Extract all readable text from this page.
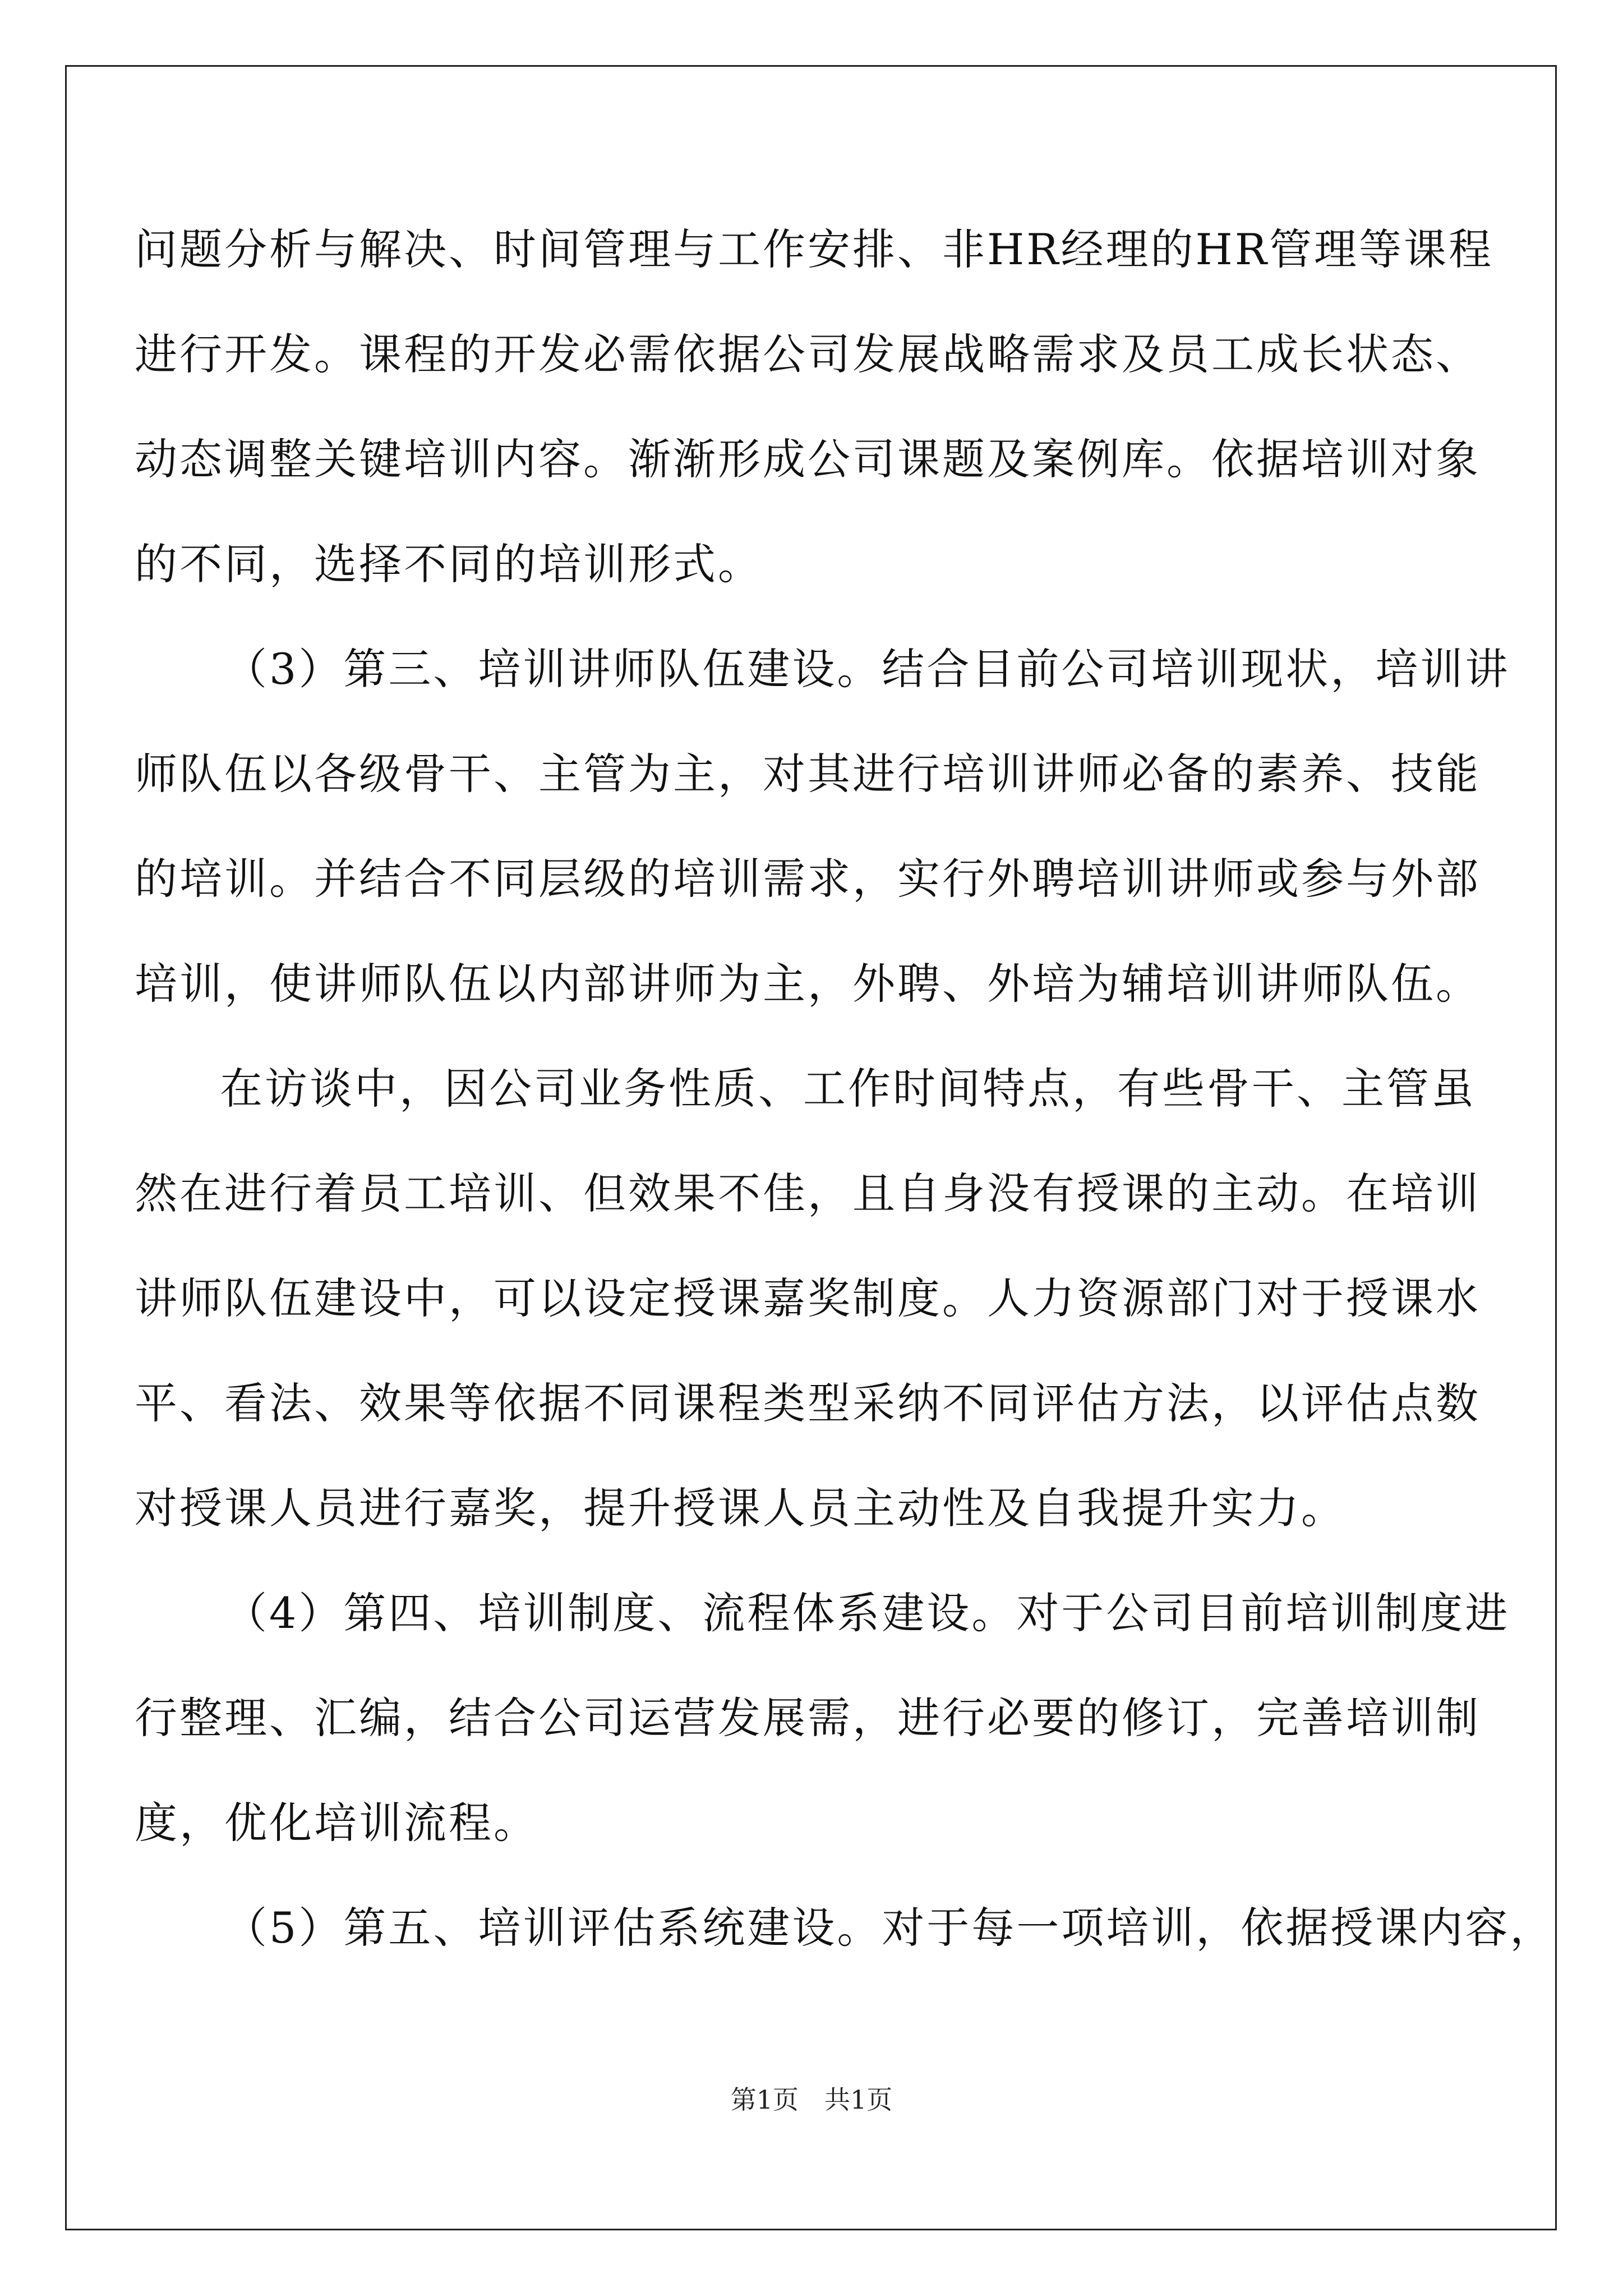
问题分析与解决、时间管理与工作安排、非HR经理的HR管理等课程
进行开发。课程的开发必需依据公司发展战略需求及员工成长状态、
动态调整关键培训内容。渐渐形成公司课题及案例库。依据培训对象
的不同，选择不同的培训形式。
（3）第三、培训讲师队伍建设。结合目前公司培训现状，培训讲
师队伍以各级骨干、主管为主，对其进行培训讲师必备的素养、技能
的培训。并结合不同层级的培训需求，实行外聘培训讲师或参与外部
培训，使讲师队伍以内部讲师为主，外聘、外培为辅培训讲师队伍。
在访谈中，因公司业务性质、工作时间特点，有些骨干、主管虽
然在进行着员工培训、但效果不佳，且自身没有授课的主动。在培训
讲师队伍建设中，可以设定授课嘉奖制度。人力资源部门对于授课水
平、看法、效果等依据不同课程类型采纳不同评估方法，以评估点数
对授课人员进行嘉奖，提升授课人员主动性及自我提升实力。
（4）第四、培训制度、流程体系建设。对于公司目前培训制度进
行整理、汇编，结合公司运营发展需，进行必要的修订，完善培训制
度，优化培训流程。
（5）第五、培训评估系统建设。对于每一项培训，依据授课内容，
第1页　共1页
